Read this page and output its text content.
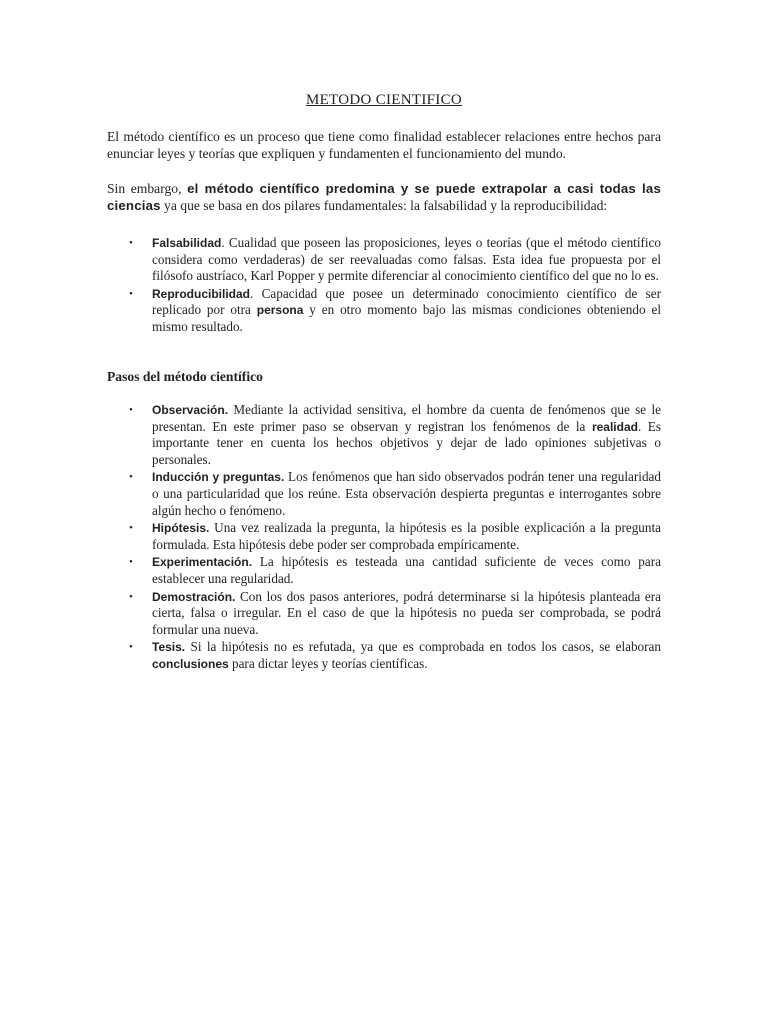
METODO CIENTIFICO

El método científico es un proceso que tiene como finalidad establecer relaciones entre hechos para enunciar leyes y teorías que expliquen y fundamenten el funcionamiento del mundo.

Sin embargo, el método científico predomina y se puede extrapolar a casi todas las ciencias ya que se basa en dos pilares fundamentales: la falsabilidad y la reproducibilidad:

• Falsabilidad. Cualidad que poseen las proposiciones, leyes o teorías (que el método científico considera como verdaderas) de ser reevaluadas como falsas. Esta idea fue propuesta por el filósofo austríaco, Karl Popper y permite diferenciar al conocimiento científico del que no lo es.
• Reproducibilidad. Capacidad que posee un determinado conocimiento científico de ser replicado por otra persona y en otro momento bajo las mismas condiciones obteniendo el mismo resultado.
Pasos del método científico
• Observación. Mediante la actividad sensitiva, el hombre da cuenta de fenómenos que se le presentan. En este primer paso se observan y registran los fenómenos de la realidad. Es importante tener en cuenta los hechos objetivos y dejar de lado opiniones subjetivas o personales.
• Inducción y preguntas. Los fenómenos que han sido observados podrán tener una regularidad o una particularidad que los reúne. Esta observación despierta preguntas e interrogantes sobre algún hecho o fenómeno.
• Hipótesis. Una vez realizada la pregunta, la hipótesis es la posible explicación a la pregunta formulada. Esta hipótesis debe poder ser comprobada empíricamente.
• Experimentación. La hipótesis es testeada una cantidad suficiente de veces como para establecer una regularidad.
• Demostración. Con los dos pasos anteriores, podrá determinarse si la hipótesis planteada era cierta, falsa o irregular. En el caso de que la hipótesis no pueda ser comprobada, se podrá formular una nueva.
• Tesis. Si la hipótesis no es refutada, ya que es comprobada en todos los casos, se elaboran conclusiones para dictar leyes y teorías científicas.
